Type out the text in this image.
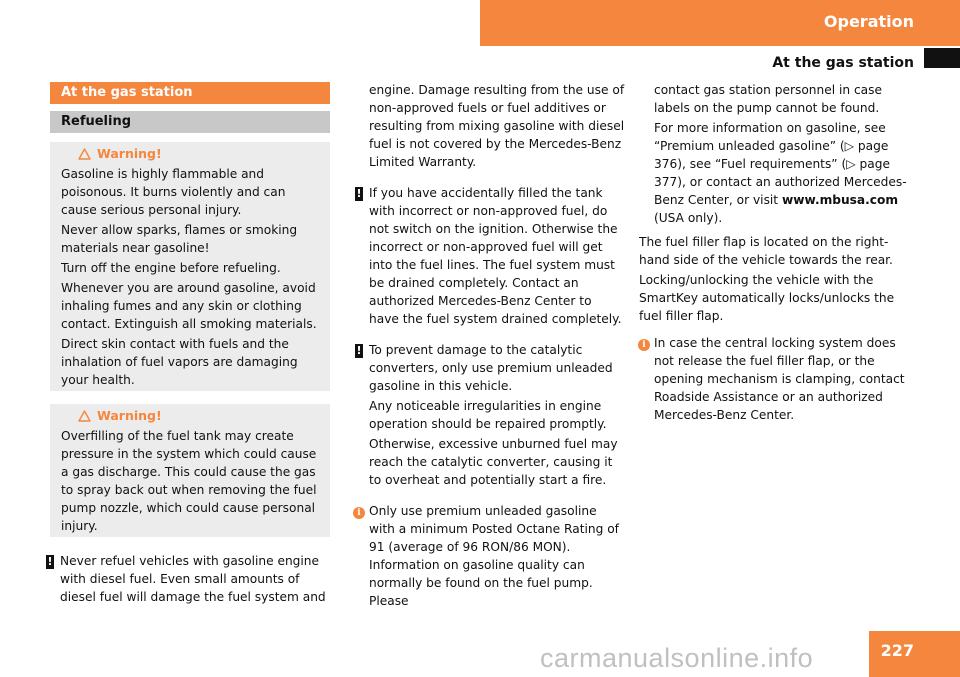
Operation
At the gas station
At the gas station
Refueling
Warning!

Gasoline is highly flammable and poisonous. It burns violently and can cause serious personal injury.

Never allow sparks, flames or smoking materials near gasoline!

Turn off the engine before refueling.

Whenever you are around gasoline, avoid inhaling fumes and any skin or clothing contact. Extinguish all smoking materials.

Direct skin contact with fuels and the inhalation of fuel vapors are damaging your health.

Warning!

Overfilling of the fuel tank may create pressure in the system which could cause a gas discharge. This could cause the gas to spray back out when removing the fuel pump nozzle, which could cause personal injury.

! Never refuel vehicles with gasoline engine with diesel fuel. Even small amounts of diesel fuel will damage the fuel system and

engine. Damage resulting from the use of non-approved fuels or fuel additives or resulting from mixing gasoline with diesel fuel is not covered by the Mercedes-Benz Limited Warranty.

! If you have accidentally filled the tank with incorrect or non-approved fuel, do not switch on the ignition. Otherwise the incorrect or non-approved fuel will get into the fuel lines. The fuel system must be drained completely. Contact an authorized Mercedes-Benz Center to have the fuel system drained completely.

! To prevent damage to the catalytic converters, only use premium unleaded gasoline in this vehicle.

Any noticeable irregularities in engine operation should be repaired promptly.

Otherwise, excessive unburned fuel may reach the catalytic converter, causing it to overheat and potentially start a fire.

i Only use premium unleaded gasoline with a minimum Posted Octane Rating of 91 (average of 96 RON/86 MON). Information on gasoline quality can normally be found on the fuel pump. Please

contact gas station personnel in case labels on the pump cannot be found.

For more information on gasoline, see “Premium unleaded gasoline” (▷ page 376), see “Fuel requirements” (▷ page 377), or contact an authorized Mercedes-Benz Center, or visit www.mbusa.com (USA only).

The fuel filler flap is located on the right-hand side of the vehicle towards the rear.

Locking/unlocking the vehicle with the SmartKey automatically locks/unlocks the fuel filler flap.

i In case the central locking system does not release the fuel filler flap, or the opening mechanism is clamping, contact Roadside Assistance or an authorized Mercedes-Benz Center.

carmanualsonline.info	227
